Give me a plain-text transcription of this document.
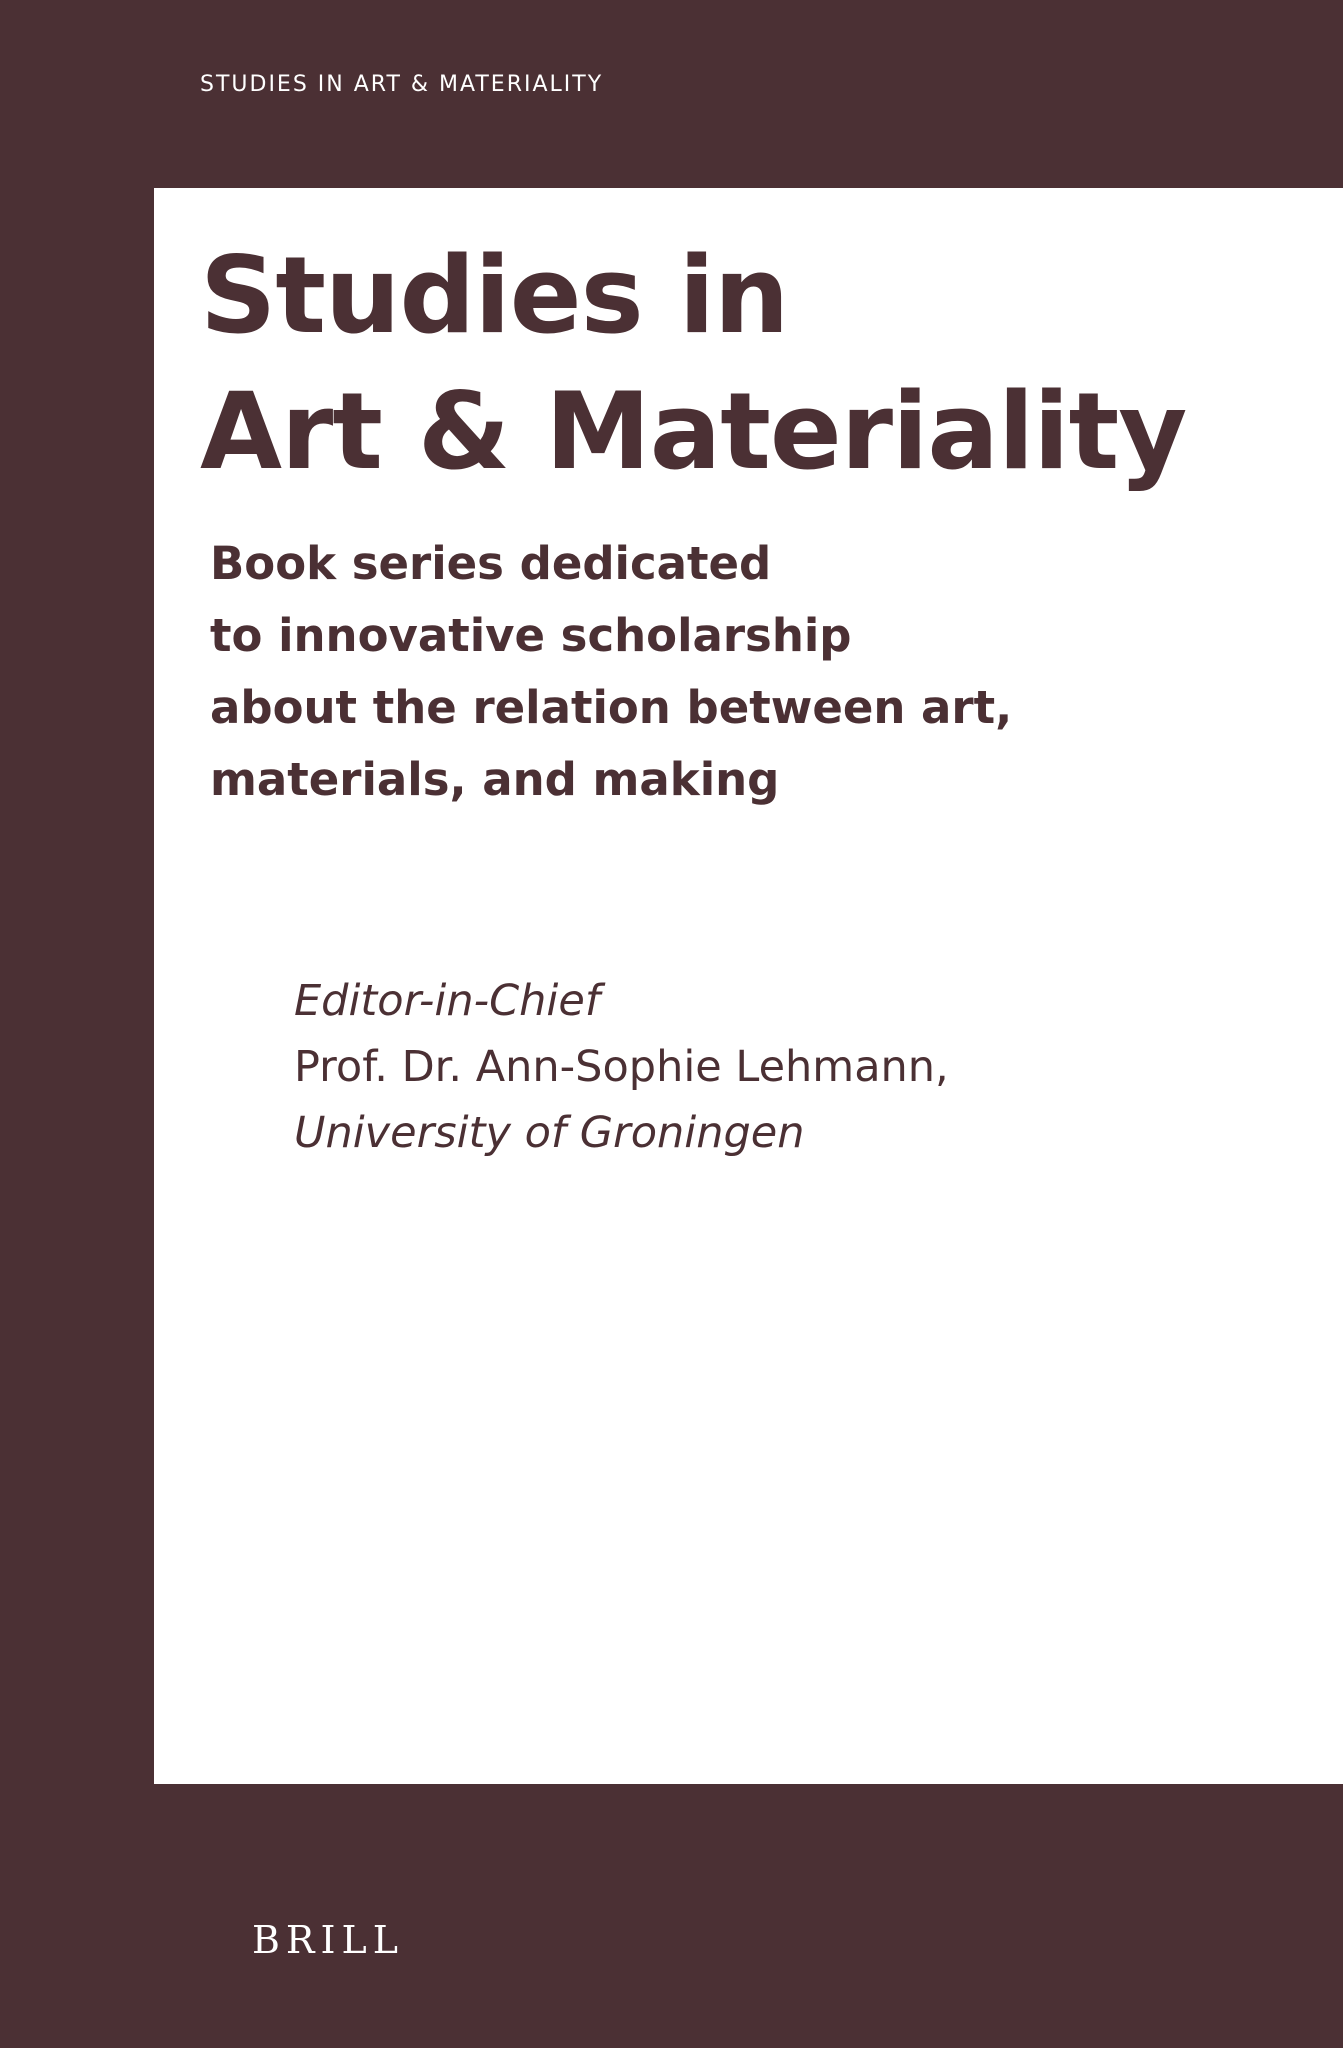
STUDIES IN ART & MATERIALITY
Studies in
Art & Materiality

Book series dedicated
to innovative scholarship
about the relation between art,
materials, and making

Editor-in-Chief
Prof. Dr. Ann-Sophie Lehmann,
University of Groningen
BRILL
